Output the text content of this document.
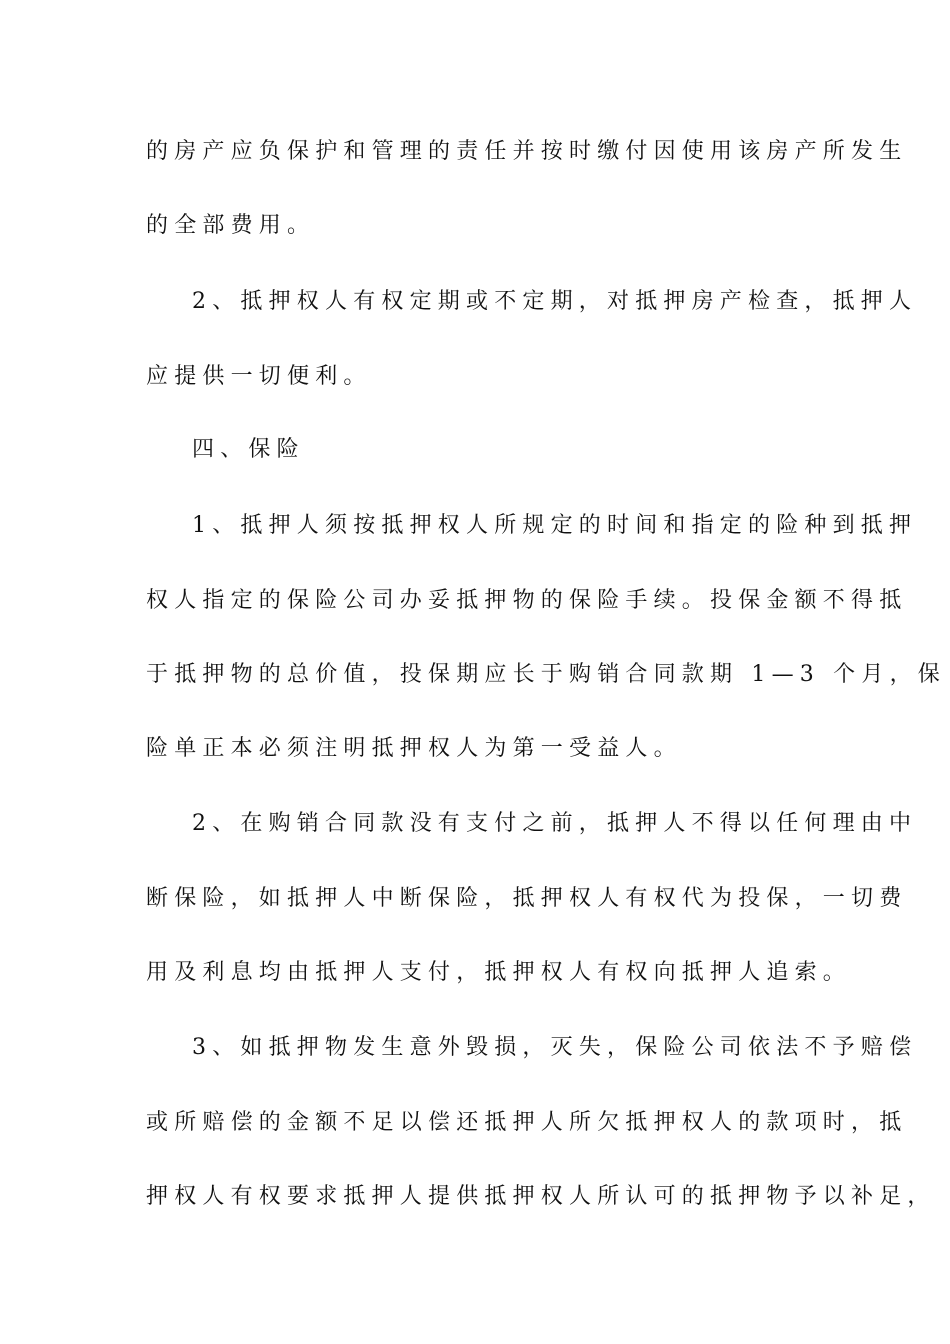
的房产应负保护和管理的责任并按时缴付因使用该房产所发生
的全部费用。
2、抵押权人有权定期或不定期，对抵押房产检查，抵押人
应提供一切便利。
四、保险
1、抵押人须按抵押权人所规定的时间和指定的险种到抵押
权人指定的保险公司办妥抵押物的保险手续。投保金额不得抵
于抵押物的总价值，投保期应长于购销合同款期 1—3 个月，保
险单正本必须注明抵押权人为第一受益人。
2、在购销合同款没有支付之前，抵押人不得以任何理由中
断保险，如抵押人中断保险，抵押权人有权代为投保，一切费
用及利息均由抵押人支付，抵押权人有权向抵押人追索。
3、如抵押物发生意外毁损，灭失，保险公司依法不予赔偿
或所赔偿的金额不足以偿还抵押人所欠抵押权人的款项时，抵
押权人有权要求抵押人提供抵押权人所认可的抵押物予以补足，
